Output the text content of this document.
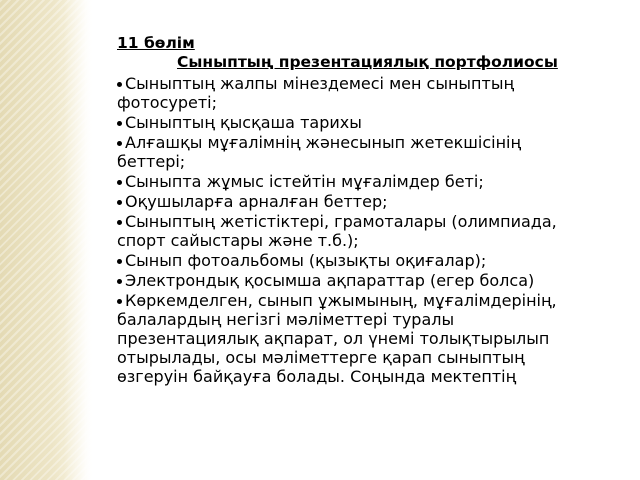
11 бөлім
Сыныптың презентациялық портфолиосы
Сыныптың жалпы мінездемесі мен сыныптың фотосуреті;
Сыныптың қысқаша тарихы
Алғашқы мұғалімнің жәнесынып жетекшісінің беттері;
Сыныпта жұмыс істейтін мұғалімдер беті;
Оқушыларға арналған беттер;
Сыныптың жетістіктері, грамоталары (олимпиада, спорт сайыстары және т.б.);
Сынып фотоальбомы (қызықты оқиғалар);
Электрондық қосымша ақпараттар (егер болса)
Көркемделген, сынып ұжымының, мұғалімдерінің, балалардың негізгі мәліметтері туралы презентациялық ақпарат, ол үнемі толықтырылып отырылады, осы мәліметтерге қарап сыныптың өзгеруін байқауға болады. Соңында мектептің
